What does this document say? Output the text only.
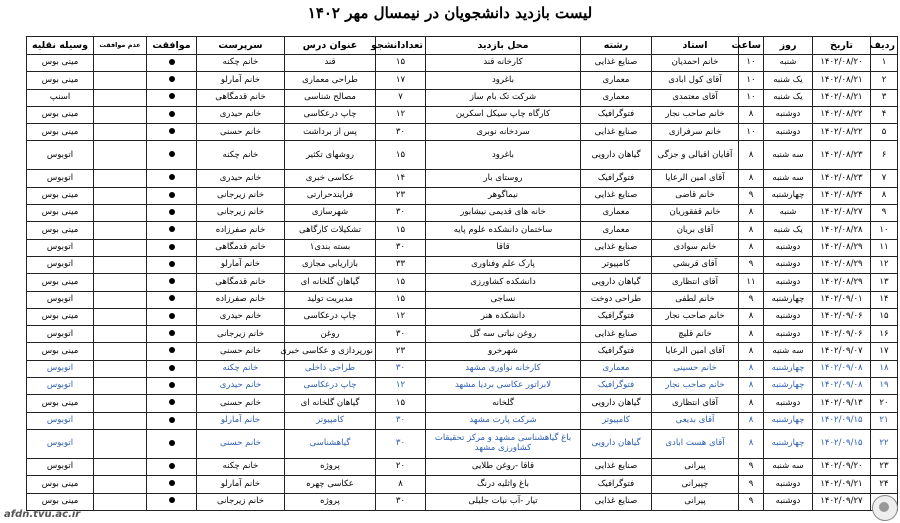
لیست بازدید دانشجویان در نیمسال مهر ۱۴۰۲
ردیف	تاریخ	روز	ساعت	استاد	رشته	محل بازدید	تعدادانشجو	عنوان درس	سرپرست	موافقت	عدم موافقت	وسیله نقلیه
۱	۱۴۰۲/۰۸/۲۰	شنبه	۱۰	خانم احمدیان	صنایع غذایی	کارخانه قند	۱۵	قند	خانم چکنه			مینی بوس
۲	۱۴۰۲/۰۸/۲۱	یک شنبه	۱۰	آقای کول ابادی	معماری	باغرود	۱۷	طراحی معماری	خانم آمارلو			مینی بوس
۳	۱۴۰۲/۰۸/۲۱	یک شنبه	۱۰	آقای معتمدی	معماری	شرکت تک بام ساز	۷	مصالح شناسی	خانم قدمگاهی			اسنپ
۴	۱۴۰۲/۰۸/۲۲	دوشنبه	۸	خانم صاحب نجار	فتوگرافیک	کارگاه چاپ سیکل اسکرین	۱۲	چاپ درعکاسی	خانم حیدری			مینی بوس
۵	۱۴۰۲/۰۸/۲۲	دوشنبه	۱۰	خانم سرفرازی	صنایع غذایی	سردخانه نوبری	۳۰	پس از برداشت	خانم حسنی			مینی بوس
۶	۱۴۰۲/۰۸/۲۳	سه شنبه	۸	آقایان اقبالی و جزگی	گیاهان دارویی	باغرود	۱۵	روشهای تکثیر	خانم چکنه			اتوبوس
۷	۱۴۰۲/۰۸/۲۳	سه شنبه	۸	آقای امین الرعایا	فتوگرافیک	روستای بار	۱۴	عکاسی خبری	خانم حیدری			اتوبوس
۸	۱۴۰۲/۰۸/۲۴	چهارشنبه	۹	خانم قاضی	صنایع غذایی	نیماگوهر	۲۳	فرایندحرارتی	خانم زیرجانی			مینی بوس
۹	۱۴۰۲/۰۸/۲۷	شنبه	۸	خانم قفقوریان	معماری	خانه های قدیمی نیشابور	۳۰	شهرسازی	خانم زیرجانی			مینی بوس
۱۰	۱۴۰۲/۰۸/۲۸	یک شنبه	۸	آقای بریان	معماری	ساختمان دانشکده علوم پایه	۱۵	تشکیلات کارگاهی	خانم صفرزاده			مینی بوس
۱۱	۱۴۰۲/۰۸/۲۹	دوشنبه	۸	خانم سوادی	صنایع غذایی	قاقا	۳۰	بسته بندی۱	خانم قدمگاهی			اتوبوس
۱۲	۱۴۰۲/۰۸/۲۹	دوشنبه	۹	آقای قربشی	کامپیوتر	پارک علم وفناوری	۳۳	بازاریابی مجازی	خانم آمارلو			اتوبوس
۱۳	۱۴۰۲/۰۸/۲۹	دوشنبه	۱۱	آقای انتظاری	گیاهان دارویی	دانشکده کشاورزی	۱۵	گیاهان گلخانه ای	خانم قدمگاهی			مینی بوس
۱۴	۱۴۰۲/۰۹/۰۱	چهارشنبه	۹	خانم لطفی	طراحی دوخت	نساجی	۱۵	مدیریت تولید	خانم صفرزاده			اتوبوس
۱۵	۱۴۰۲/۰۹/۰۶	دوشنبه	۸	خانم صاحب نجار	فتوگرافیک	دانشکده هنر	۱۲	چاپ درعکاسی	خانم حیدری			مینی بوس
۱۶	۱۴۰۲/۰۹/۰۶	دوشنبه	۸	خانم قلیچ	صنایع غذایی	روغن نباتی سه گل	۳۰	روغن	خانم زیرجانی			اتوبوس
۱۷	۱۴۰۲/۰۹/۰۷	سه شنبه	۸	آقای امین الرعایا	فتوگرافیک	شهرخرو	۲۳	نورپردازی و عکاسی خبری	خانم حسنی			مینی بوس
۱۸	۱۴۰۲/۰۹/۰۸	چهارشنبه	۸	خانم حسینی	معماری	کارخانه نواوری مشهد	۳۰	طراحی داخلی	خانم چکنه			اتوبوس
۱۹	۱۴۰۲/۰۹/۰۸	چهارشنبه	۸	خانم صاحب نجار	فتوگرافیک	لابراتور عکاسی بردیا مشهد	۱۲	چاپ درعکاسی	خانم حیدری			اتوبوس
۲۰	۱۴۰۲/۰۹/۱۳	دوشنبه	۸	آقای انتظاری	گیاهان دارویی	گلخانه	۱۵	گیاهان گلخانه ای	خانم حسنی			مینی بوس
۲۱	۱۴۰۲/۰۹/۱۵	چهارشنبه	۸	آقای بدیعی	کامپیوتر	شرکت پارت مشهد	۳۰	کامپیوتر	خانم آمارلو			اتوبوس
۲۲	۱۴۰۲/۰۹/۱۵	چهارشنبه	۸	آقای هست ابادی	گیاهان دارویی	باغ گیاهشناسی مشهد و مرکز تحقیقات کشاورزی مشهد	۳۰	گیاهشناسی	خانم حسنی			اتوبوس
۲۳	۱۴۰۲/۰۹/۲۰	سه شنبه	۹	پیرانی	صنایع غذایی	قاقا -روغن طلایی	۲۰	پروژه	خانم چکنه			اتوبوس
۲۴	۱۴۰۲/۰۹/۲۱	دوشنبه	۹	چپیرانی	فتوگرافیک	باغ واثلیه درنگ	۸	عکاسی چهره	خانم آمارلو			مینی بوس
	۱۴۰۲/۰۹/۲۷	دوشنبه	۹	پیرانی	صنایع غذایی	تیار -آب نبات جلیلی	۳۰	پروژه	خانم زیرجانی			مینی بوس
afdn.tvu.ac.ir
